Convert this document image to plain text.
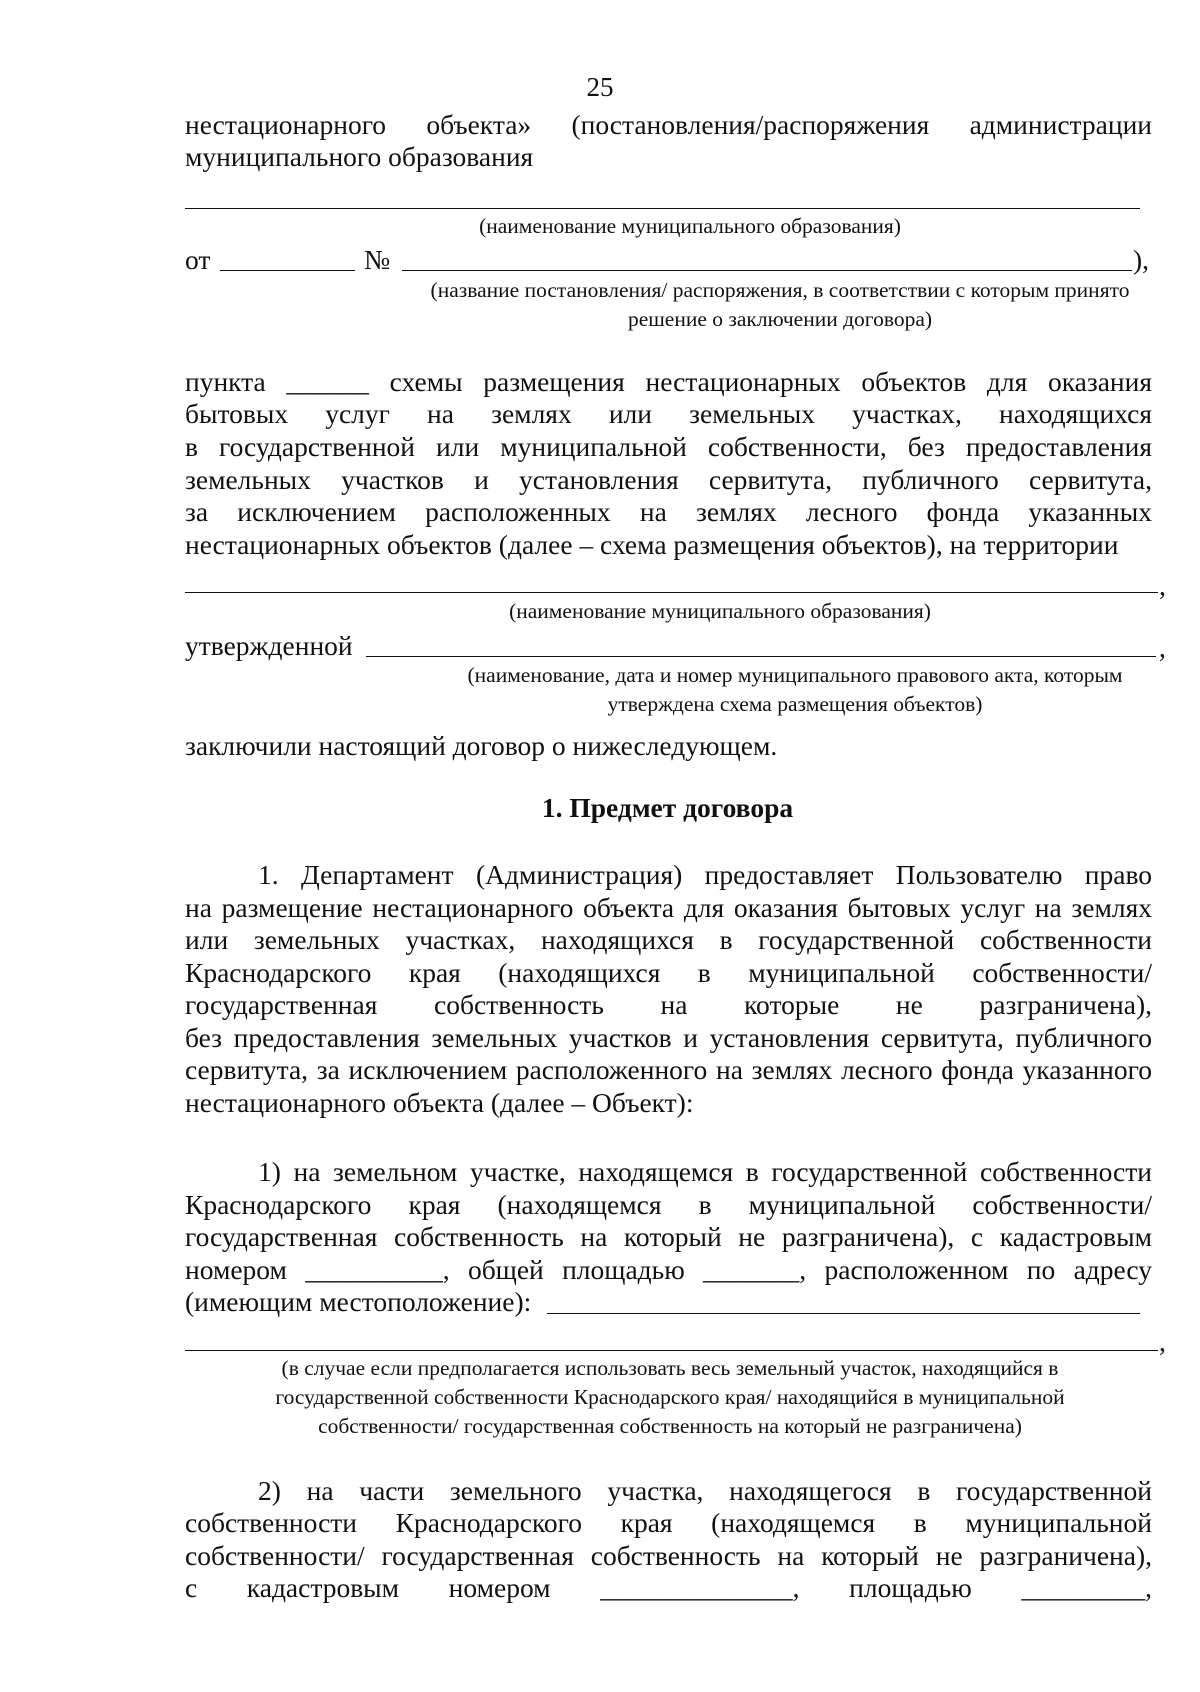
25
нестационарного объекта» (постановления/распоряжения администрации
муниципального образования
(наименование муниципального образования)
от	№	),
(название постановления/ распоряжения, в соответствии с которым принято решение о заключении договора)
пункта ______ схемы размещения нестационарных объектов для оказания
бытовых услуг на землях или земельных участках, находящихся
в государственной или муниципальной собственности, без предоставления
земельных участков и установления сервитута, публичного сервитута,
за исключением расположенных на землях лесного фонда указанных
нестационарных объектов (далее – схема размещения объектов), на территории
,
(наименование муниципального образования)
утвержденной	,
(наименование, дата и номер муниципального правового акта, которым утверждена схема размещения объектов)
заключили настоящий договор о нижеследующем.
1. Предмет договора
1. Департамент (Администрация) предоставляет Пользователю право
на размещение нестационарного объекта для оказания бытовых услуг на землях
или земельных участках, находящихся в государственной собственности
Краснодарского края (находящихся в муниципальной собственности/
государственная собственность на которые не разграничена),
без предоставления земельных участков и установления сервитута, публичного
сервитута, за исключением расположенного на землях лесного фонда указанного
нестационарного объекта (далее – Объект):
1) на земельном участке, находящемся в государственной собственности
Краснодарского края (находящемся в муниципальной собственности/
государственная собственность на который не разграничена), с кадастровым
номером __________, общей площадью _______, расположенном по адресу
(имеющим местоположение):
,
(в случае если предполагается использовать весь земельный участок, находящийся в государственной собственности Краснодарского края/ находящийся в муниципальной собственности/ государственная собственность на который не разграничена)
2) на части земельного участка, находящегося в государственной
собственности Краснодарского края (находящемся в муниципальной
собственности/ государственная собственность на который не разграничена),
с кадастровым номером ______________, площадью _________,
